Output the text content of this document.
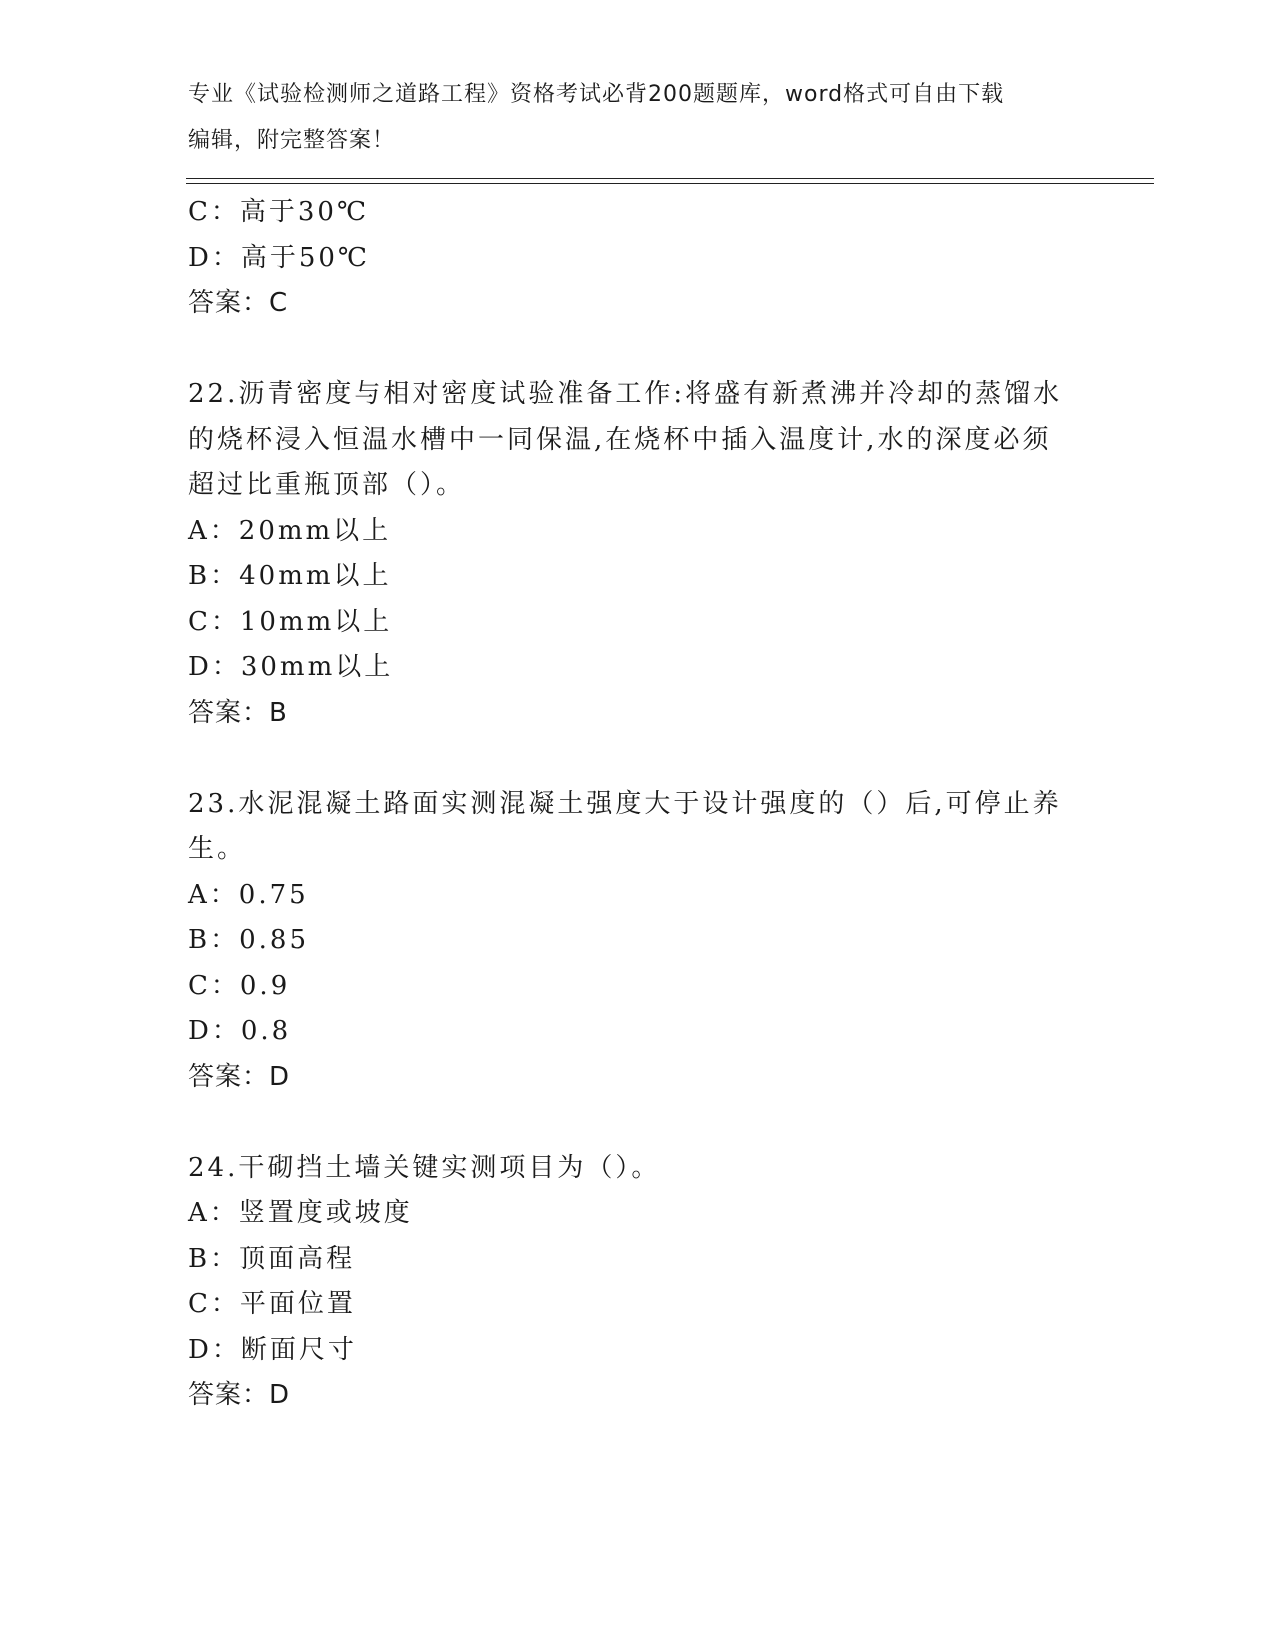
专业《试验检测师之道路工程》资格考试必背200题题库，word格式可自由下载
编辑，附完整答案！
C：高于30℃
D：高于50℃
答案：C
22.沥青密度与相对密度试验准备工作:将盛有新煮沸并冷却的蒸馏水
的烧杯浸入恒温水槽中一同保温,在烧杯中插入温度计,水的深度必须
超过比重瓶顶部（）。
A：20mm以上
B：40mm以上
C：10mm以上
D：30mm以上
答案：B
23.水泥混凝土路面实测混凝土强度大于设计强度的（）后,可停止养
生。
A：0.75
B：0.85
C：0.9
D：0.8
答案：D
24.干砌挡土墙关键实测项目为（）。
A：竖置度或坡度
B：顶面高程
C：平面位置
D：断面尺寸
答案：D
